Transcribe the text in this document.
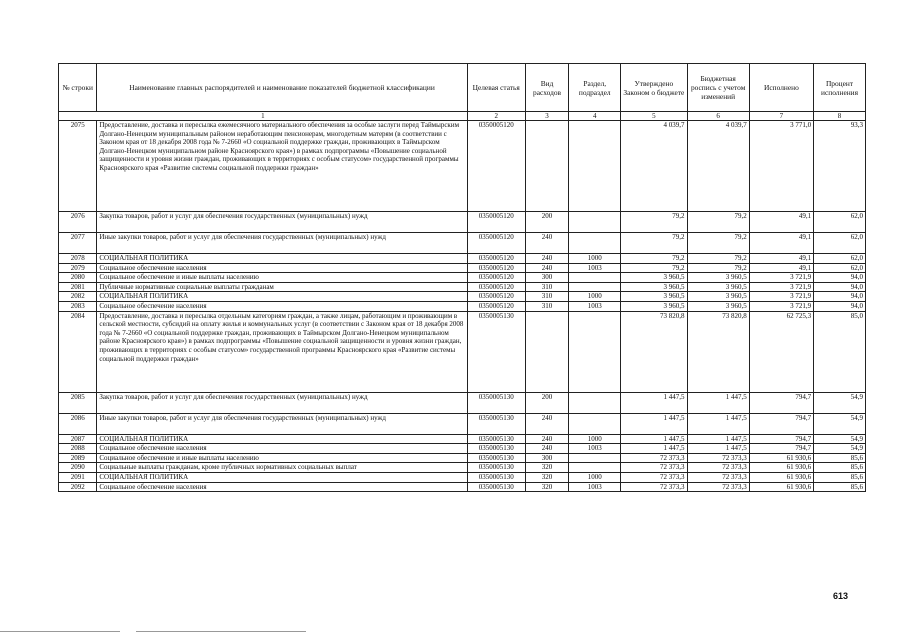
№ строки	Наименование главных распорядителей и наименование показателей бюджетной классификации	Целевая статья	Вид расходов	Раздел, подраздел	Утверждено Законом о бюджете	Бюджетная роспись с учетом изменений	Исполнено	Процент исполнения
1		2	3	4	5	6	7	8
2075	Предоставление, доставка и пересылка ежемесячного материального обеспечения за особые заслуги перед Таймырским Долгано-Ненецким муниципальным районом неработающим пенсионерам, многодетным матерям (в соответствии с Законом края от 18 декабря 2008 года № 7-2660 «О социальной поддержке граждан, проживающих в Таймырском Долгано-Ненецком муниципальном районе Красноярского края») в рамках подпрограммы «Повышение социальной защищенности и уровня жизни граждан, проживающих в территориях с особым статусом» государственной программы Красноярского края «Развитие системы социальной поддержки граждан»	0350005120			4 039,7	4 039,7	3 771,0	93,3
2076	Закупка товаров, работ и услуг для обеспечения государственных (муниципальных) нужд	0350005120	200		79,2	79,2	49,1	62,0
2077	Иные закупки товаров, работ и услуг для обеспечения государственных (муниципальных) нужд	0350005120	240		79,2	79,2	49,1	62,0
2078	СОЦИАЛЬНАЯ ПОЛИТИКА	0350005120	240	1000	79,2	79,2	49,1	62,0
2079	Социальное обеспечение населения	0350005120	240	1003	79,2	79,2	49,1	62,0
2080	Социальное обеспечение и иные выплаты населению	0350005120	300		3 960,5	3 960,5	3 721,9	94,0
2081	Публичные нормативные социальные выплаты гражданам	0350005120	310		3 960,5	3 960,5	3 721,9	94,0
2082	СОЦИАЛЬНАЯ ПОЛИТИКА	0350005120	310	1000	3 960,5	3 960,5	3 721,9	94,0
2083	Социальное обеспечение населения	0350005120	310	1003	3 960,5	3 960,5	3 721,9	94,0
2084	Предоставление, доставка и пересылка отдельным категориям граждан, а также лицам, работающим и проживающим в сельской местности, субсидий на оплату жилья и коммунальных услуг (в соответствии с Законом края от 18 декабря 2008 года № 7-2660 «О социальной поддержке граждан, проживающих в Таймырском Долгано-Ненецком муниципальном районе Красноярского края») в рамках подпрограммы «Повышение социальной защищенности и уровня жизни граждан, проживающих в территориях с особым статусом» государственной программы Красноярского края «Развитие системы социальной поддержки граждан»	0350005130			73 820,8	73 820,8	62 725,3	85,0
2085	Закупка товаров, работ и услуг для обеспечения государственных (муниципальных) нужд	0350005130	200		1 447,5	1 447,5	794,7	54,9
2086	Иные закупки товаров, работ и услуг для обеспечения государственных (муниципальных) нужд	0350005130	240		1 447,5	1 447,5	794,7	54,9
2087	СОЦИАЛЬНАЯ ПОЛИТИКА	0350005130	240	1000	1 447,5	1 447,5	794,7	54,9
2088	Социальное обеспечение населения	0350005130	240	1003	1 447,5	1 447,5	794,7	54,9
2089	Социальное обеспечение и иные выплаты населению	0350005130	300		72 373,3	72 373,3	61 930,6	85,6
2090	Социальные выплаты гражданам, кроме публичных нормативных социальных выплат	0350005130	320		72 373,3	72 373,3	61 930,6	85,6
2091	СОЦИАЛЬНАЯ ПОЛИТИКА	0350005130	320	1000	72 373,3	72 373,3	61 930,6	85,6
2092	Социальное обеспечение населения	0350005130	320	1003	72 373,3	72 373,3	61 930,6	85,6
613
